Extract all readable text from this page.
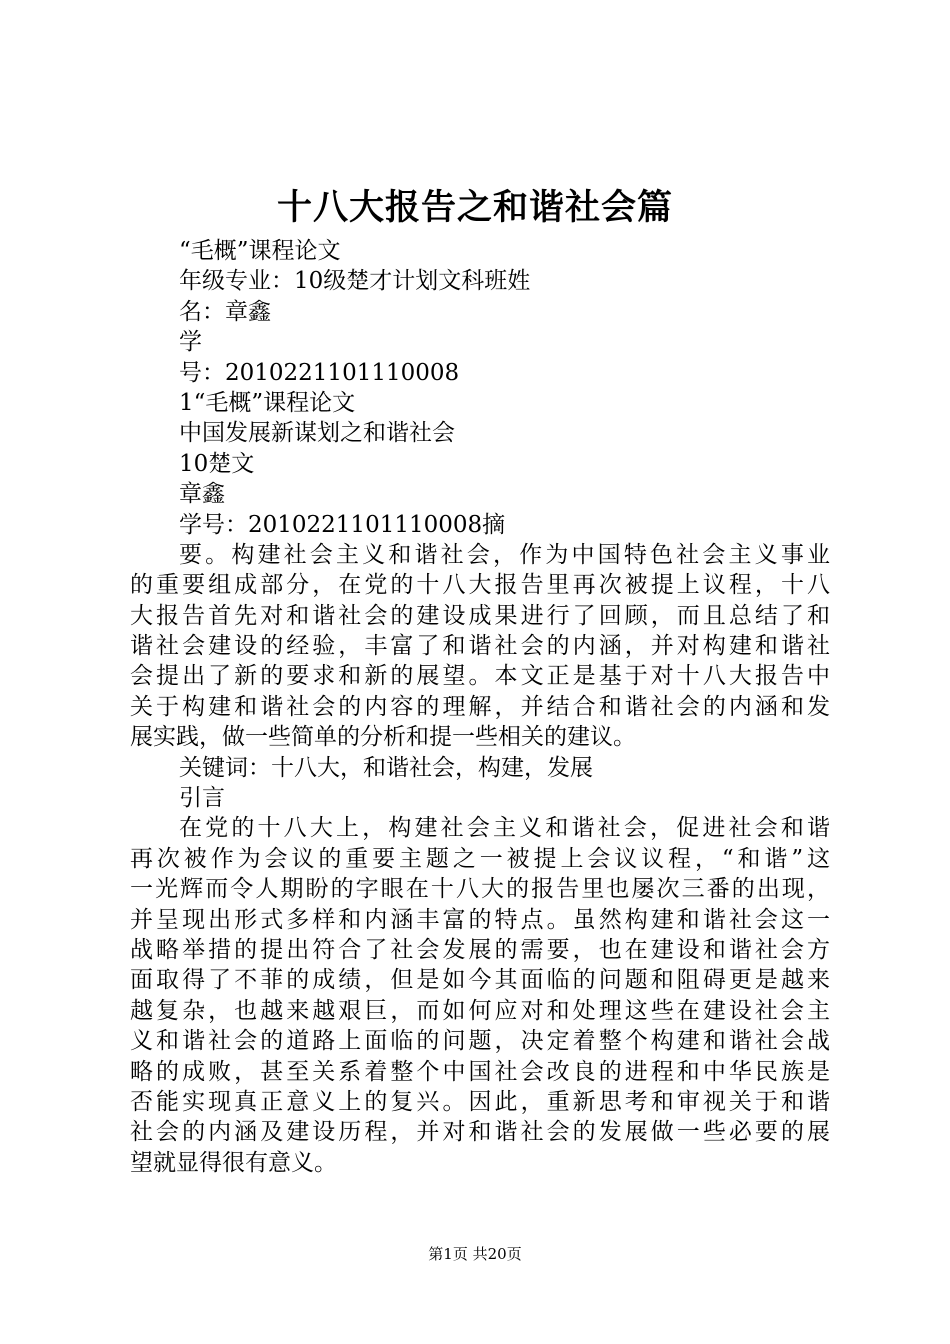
十八大报告之和谐社会篇
“毛概”课程论文
年级专业：10级楚才计划文科班姓
名：章鑫
学
号：2010221101110008
1“毛概”课程论文
中国发展新谋划之和谐社会
10楚文
章鑫
学号：2010221101110008摘
要。构建社会主义和谐社会，作为中国特色社会主义事业
的重要组成部分，在党的十八大报告里再次被提上议程，十八
大报告首先对和谐社会的建设成果进行了回顾，而且总结了和
谐社会建设的经验，丰富了和谐社会的内涵，并对构建和谐社
会提出了新的要求和新的展望。本文正是基于对十八大报告中
关于构建和谐社会的内容的理解，并结合和谐社会的内涵和发
展实践，做一些简单的分析和提一些相关的建议。
关键词：十八大，和谐社会，构建，发展
引言
在党的十八大上，构建社会主义和谐社会，促进社会和谐
再次被作为会议的重要主题之一被提上会议议程，“和谐”这
一光辉而令人期盼的字眼在十八大的报告里也屡次三番的出现，
并呈现出形式多样和内涵丰富的特点。虽然构建和谐社会这一
战略举措的提出符合了社会发展的需要，也在建设和谐社会方
面取得了不菲的成绩，但是如今其面临的问题和阻碍更是越来
越复杂，也越来越艰巨，而如何应对和处理这些在建设社会主
义和谐社会的道路上面临的问题，决定着整个构建和谐社会战
略的成败，甚至关系着整个中国社会改良的进程和中华民族是
否能实现真正意义上的复兴。因此，重新思考和审视关于和谐
社会的内涵及建设历程，并对和谐社会的发展做一些必要的展
望就显得很有意义。
第1页 共20页
